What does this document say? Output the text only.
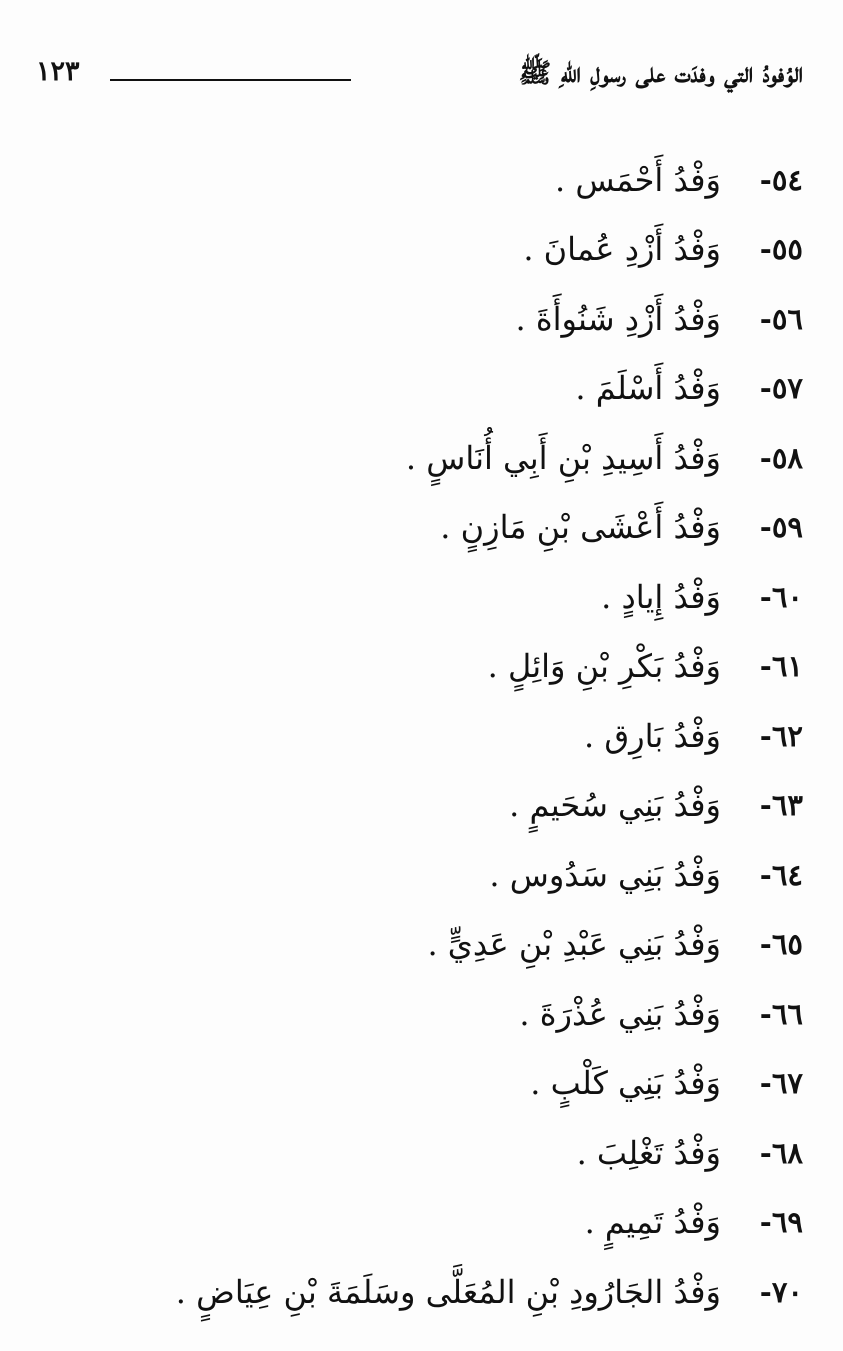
الوُفودُ التي وفدَت على رسولِ اللهِ ﷺ
١٢٣
٥٤-
وَفْدُ أَحْمَس .
٥٥-
وَفْدُ أَزْدِ عُمانَ .
٥٦-
وَفْدُ أَزْدِ شَنُوأَةَ .
٥٧-
وَفْدُ أَسْلَمَ .
٥٨-
وَفْدُ أَسِيدِ بْنِ أَبِي أُنَاسٍ .
٥٩-
وَفْدُ أَعْشَى بْنِ مَازِنٍ .
٦٠-
وَفْدُ إِيادٍ .
٦١-
وَفْدُ بَكْرِ بْنِ وَائِلٍ .
٦٢-
وَفْدُ بَارِق .
٦٣-
وَفْدُ بَنِي سُحَيمٍ .
٦٤-
وَفْدُ بَنِي سَدُوس .
٦٥-
وَفْدُ بَنِي عَبْدِ بْنِ عَدِيٍّ .
٦٦-
وَفْدُ بَنِي عُذْرَةَ .
٦٧-
وَفْدُ بَنِي كَلْبٍ .
٦٨-
وَفْدُ تَغْلِبَ .
٦٩-
وَفْدُ تَمِيمٍ .
٧٠-
وَفْدُ الجَارُودِ بْنِ المُعَلَّى وسَلَمَةَ بْنِ عِيَاضٍ .
